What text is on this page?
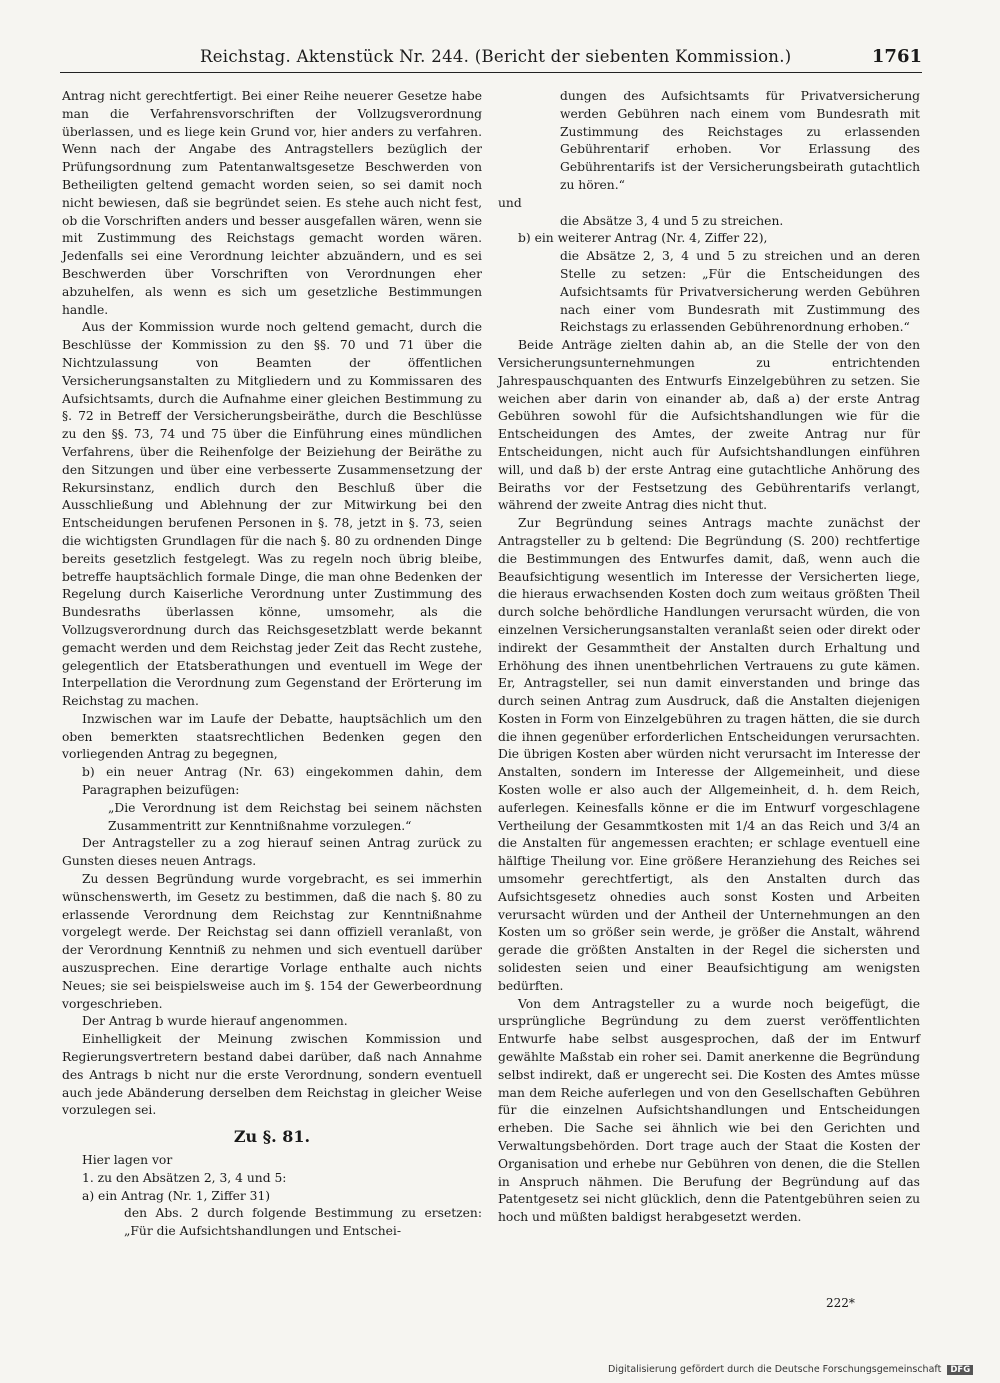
Reichstag. Aktenstück Nr. 244. (Bericht der siebenten Kommission.)	1761

Antrag nicht gerechtfertigt. Bei einer Reihe neuerer Gesetze habe man die Verfahrensvorschriften der Vollzugsverordnung überlassen, und es liege kein Grund vor, hier anders zu verfahren. Wenn nach der Angabe des Antragstellers bezüglich der Prüfungsordnung zum Patentanwaltsgesetze Beschwerden von Betheiligten geltend gemacht worden seien, so sei damit noch nicht bewiesen, daß sie begründet seien. Es stehe auch nicht fest, ob die Vorschriften anders und besser ausgefallen wären, wenn sie mit Zustimmung des Reichstags gemacht worden wären. Jedenfalls sei eine Verordnung leichter abzuändern, und es sei Beschwerden über Vorschriften von Verordnungen eher abzuhelfen, als wenn es sich um gesetzliche Bestimmungen handle.

Aus der Kommission wurde noch geltend gemacht, durch die Beschlüsse der Kommission zu den §§. 70 und 71 über die Nichtzulassung von Beamten der öffentlichen Versicherungsanstalten zu Mitgliedern und zu Kommissaren des Aufsichtsamts, durch die Aufnahme einer gleichen Bestimmung zu §. 72 in Betreff der Versicherungsbeiräthe, durch die Beschlüsse zu den §§. 73, 74 und 75 über die Einführung eines mündlichen Verfahrens, über die Reihenfolge der Beiziehung der Beiräthe zu den Sitzungen und über eine verbesserte Zusammensetzung der Rekursinstanz, endlich durch den Beschluß über die Ausschließung und Ablehnung der zur Mitwirkung bei den Entscheidungen berufenen Personen in §. 78, jetzt in §. 73, seien die wichtigsten Grundlagen für die nach §. 80 zu ordnenden Dinge bereits gesetzlich festgelegt. Was zu regeln noch übrig bleibe, betreffe hauptsächlich formale Dinge, die man ohne Bedenken der Regelung durch Kaiserliche Verordnung unter Zustimmung des Bundesraths überlassen könne, umsomehr, als die Vollzugsverordnung durch das Reichsgesetzblatt werde bekannt gemacht werden und dem Reichstag jeder Zeit das Recht zustehe, gelegentlich der Etatsberathungen und eventuell im Wege der Interpellation die Verordnung zum Gegenstand der Erörterung im Reichstag zu machen.

Inzwischen war im Laufe der Debatte, hauptsächlich um den oben bemerkten staatsrechtlichen Bedenken gegen den vorliegenden Antrag zu begegnen,

b) ein neuer Antrag (Nr. 63) eingekommen dahin, dem Paragraphen beizufügen:

„Die Verordnung ist dem Reichstag bei seinem nächsten Zusammentritt zur Kenntnißnahme vorzulegen.“

Der Antragsteller zu a zog hierauf seinen Antrag zurück zu Gunsten dieses neuen Antrags.

Zu dessen Begründung wurde vorgebracht, es sei immerhin wünschenswerth, im Gesetz zu bestimmen, daß die nach §. 80 zu erlassende Verordnung dem Reichstag zur Kenntnißnahme vorgelegt werde. Der Reichstag sei dann offiziell veranlaßt, von der Verordnung Kenntniß zu nehmen und sich eventuell darüber auszusprechen. Eine derartige Vorlage enthalte auch nichts Neues; sie sei beispielsweise auch im §. 154 der Gewerbeordnung vorgeschrieben.

Der Antrag b wurde hierauf angenommen.

Einhelligkeit der Meinung zwischen Kommission und Regierungsvertretern bestand dabei darüber, daß nach Annahme des Antrags b nicht nur die erste Verordnung, sondern eventuell auch jede Abänderung derselben dem Reichstag in gleicher Weise vorzulegen sei.

Zu §. 81.

Hier lagen vor

1. zu den Absätzen 2, 3, 4 und 5:

a) ein Antrag (Nr. 1, Ziffer 31)

den Abs. 2 durch folgende Bestimmung zu ersetzen: „Für die Aufsichtshandlungen und Entschei-

dungen des Aufsichtsamts für Privatversicherung werden Gebühren nach einem vom Bundesrath mit Zustimmung des Reichstages zu erlassenden Gebührentarif erhoben. Vor Erlassung des Gebührentarifs ist der Versicherungsbeirath gutachtlich zu hören.“

und

die Absätze 3, 4 und 5 zu streichen.

b) ein weiterer Antrag (Nr. 4, Ziffer 22),

die Absätze 2, 3, 4 und 5 zu streichen und an deren Stelle zu setzen: „Für die Entscheidungen des Aufsichtsamts für Privatversicherung werden Gebühren nach einer vom Bundesrath mit Zustimmung des Reichstags zu erlassenden Gebührenordnung erhoben.“

Beide Anträge zielten dahin ab, an die Stelle der von den Versicherungsunternehmungen zu entrichtenden Jahrespauschquanten des Entwurfs Einzelgebühren zu setzen. Sie weichen aber darin von einander ab, daß a) der erste Antrag Gebühren sowohl für die Aufsichtshandlungen wie für die Entscheidungen des Amtes, der zweite Antrag nur für Entscheidungen, nicht auch für Aufsichtshandlungen einführen will, und daß b) der erste Antrag eine gutachtliche Anhörung des Beiraths vor der Festsetzung des Gebührentarifs verlangt, während der zweite Antrag dies nicht thut.

Zur Begründung seines Antrags machte zunächst der Antragsteller zu b geltend: Die Begründung (S. 200) rechtfertige die Bestimmungen des Entwurfes damit, daß, wenn auch die Beaufsichtigung wesentlich im Interesse der Versicherten liege, die hieraus erwachsenden Kosten doch zum weitaus größten Theil durch solche behördliche Handlungen verursacht würden, die von einzelnen Versicherungsanstalten veranlaßt seien oder direkt oder indirekt der Gesammtheit der Anstalten durch Erhaltung und Erhöhung des ihnen unentbehrlichen Vertrauens zu gute kämen. Er, Antragsteller, sei nun damit einverstanden und bringe das durch seinen Antrag zum Ausdruck, daß die Anstalten diejenigen Kosten in Form von Einzelgebühren zu tragen hätten, die sie durch die ihnen gegenüber erforderlichen Entscheidungen verursachten. Die übrigen Kosten aber würden nicht verursacht im Interesse der Anstalten, sondern im Interesse der Allgemeinheit, und diese Kosten wolle er also auch der Allgemeinheit, d. h. dem Reich, auferlegen. Keinesfalls könne er die im Entwurf vorgeschlagene Vertheilung der Gesammtkosten mit 1/4 an das Reich und 3/4 an die Anstalten für angemessen erachten; er schlage eventuell eine hälftige Theilung vor. Eine größere Heranziehung des Reiches sei umsomehr gerechtfertigt, als den Anstalten durch das Aufsichtsgesetz ohnedies auch sonst Kosten und Arbeiten verursacht würden und der Antheil der Unternehmungen an den Kosten um so größer sein werde, je größer die Anstalt, während gerade die größten Anstalten in der Regel die sichersten und solidesten seien und einer Beaufsichtigung am wenigsten bedürften.

Von dem Antragsteller zu a wurde noch beigefügt, die ursprüngliche Begründung zu dem zuerst veröffentlichten Entwurfe habe selbst ausgesprochen, daß der im Entwurf gewählte Maßstab ein roher sei. Damit anerkenne die Begründung selbst indirekt, daß er ungerecht sei. Die Kosten des Amtes müsse man dem Reiche auferlegen und von den Gesellschaften Gebühren für die einzelnen Aufsichtshandlungen und Entscheidungen erheben. Die Sache sei ähnlich wie bei den Gerichten und Verwaltungsbehörden. Dort trage auch der Staat die Kosten der Organisation und erhebe nur Gebühren von denen, die die Stellen in Anspruch nähmen. Die Berufung der Begründung auf das Patentgesetz sei nicht glücklich, denn die Patentgebühren seien zu hoch und müßten baldigst herabgesetzt werden.

222*
Digitalisierung gefördert durch die Deutsche Forschungsgemeinschaft DFG
